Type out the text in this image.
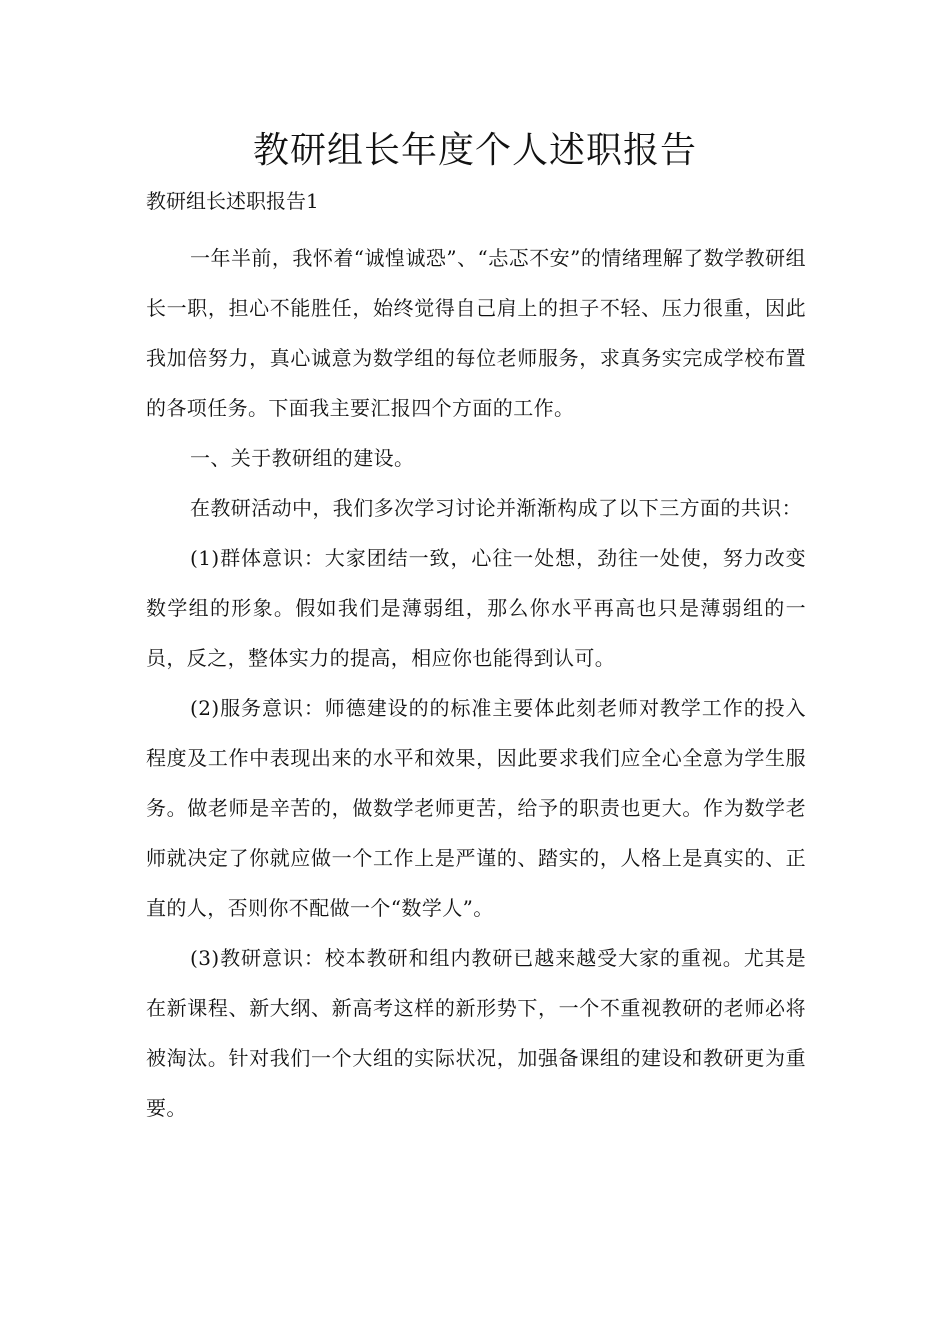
教研组长年度个人述职报告

教研组长述职报告1

一年半前，我怀着“诚惶诚恐”、“忐忑不安”的情绪理解了数学教研组长一职，担心不能胜任，始终觉得自己肩上的担子不轻、压力很重，因此我加倍努力，真心诚意为数学组的每位老师服务，求真务实完成学校布置的各项任务。下面我主要汇报四个方面的工作。

一、关于教研组的建设。

在教研活动中，我们多次学习讨论并渐渐构成了以下三方面的共识：

(1)群体意识：大家团结一致，心往一处想，劲往一处使，努力改变数学组的形象。假如我们是薄弱组，那么你水平再高也只是薄弱组的一员，反之，整体实力的提高，相应你也能得到认可。

(2)服务意识：师德建设的的标准主要体此刻老师对教学工作的投入程度及工作中表现出来的水平和效果，因此要求我们应全心全意为学生服务。做老师是辛苦的，做数学老师更苦，给予的职责也更大。作为数学老师就决定了你就应做一个工作上是严谨的、踏实的，人格上是真实的、正直的人，否则你不配做一个“数学人”。

(3)教研意识：校本教研和组内教研已越来越受大家的重视。尤其是在新课程、新大纲、新高考这样的新形势下，一个不重视教研的老师必将被淘汰。针对我们一个大组的实际状况，加强备课组的建设和教研更为重要。
